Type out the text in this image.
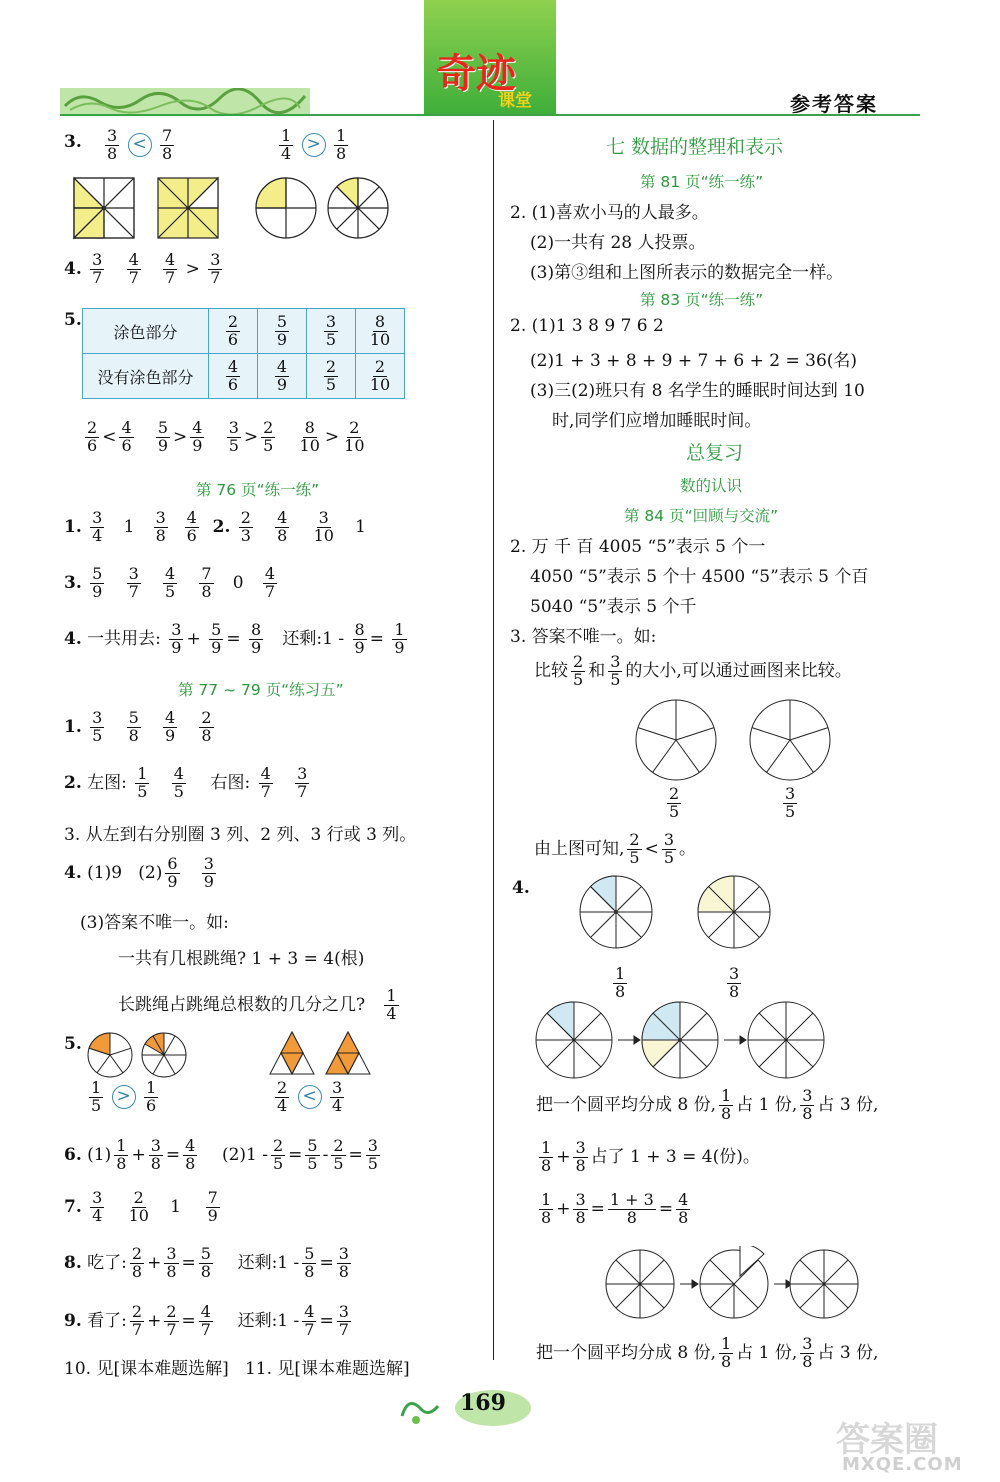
奇迹
课堂	参考答案
3. $\frac{3}{8} < \frac{7}{8}$	$\frac{1}{4} > \frac{1}{8}$
4. $\frac{3}{7}$
$\frac{4}{7}$
$\frac{4}{7} > \frac{3}{7}$
5.
涂色部分	$\frac{2}{6}$	$\frac{5}{9}$	$\frac{3}{5}$	$\frac{8}{10}$

没有涂色部分	$\frac{4}{6}$	$\frac{4}{9}$	$\frac{2}{5}$	$\frac{2}{10}$
$\frac{2}{6} < \frac{4}{6}$
$\frac{5}{9} > \frac{4}{9}$
$\frac{3}{5} > \frac{2}{5}$
$\frac{8}{10} > \frac{2}{10}$
第 76 页“练一练”
1. $\frac{3}{4} 1 \frac{3}{8}$
$\frac{4}{6} 2$. $\frac{2}{3}$
$\frac{4}{8}$
$\frac{3}{10} 1$
3. $\frac{5}{9}$
$\frac{3}{7}$
$\frac{4}{5}$
$\frac{7}{8} 0 \frac{4}{7}$
4. 一共用去: $\frac{3}{9} + \frac{5}{9} = \frac{8}{9}$ 还剩:1 - $\frac{8}{9} = \frac{1}{9}$
第 77 ~ 79 页“练习五”
1. $\frac{3}{5}$
$\frac{5}{8}$
$\frac{4}{9}$
$\frac{2}{8}$
2. 左图: $\frac{1}{5}$
$\frac{4}{5}$ 右图: $\frac{4}{7}$
$\frac{3}{7}$
3. 从左到右分别圈 3 列、2 列、3 行或 3 列。
4. (1)9 $(2) \frac{6}{9}$
$\frac{3}{9}$
(3)答案不唯一。如:
一共有几根跳绳? 1 + 3 = 4(根)
长跳绳占跳绳总根数的几分之几? $\frac{1}{4}$
5.
$\frac{1}{5} > \frac{1}{6}$	$\frac{2}{4} < \frac{3}{4}$
6. $(1) \frac{1}{8} + \frac{3}{8} = \frac{4}{8} (2)1 - \frac{2}{5} = \frac{5}{5} - \frac{2}{5} = \frac{3}{5}$
7. $\frac{3}{4}$
$\frac{2}{10} 1 \frac{7}{9}$
8. 吃了: $\frac{2}{8} + \frac{3}{8} = \frac{5}{8}$ 还剩:1 - $\frac{5}{8} = \frac{3}{8}$
9. 看了: $\frac{2}{7} + \frac{2}{7} = \frac{4}{7}$ 还剩:1 - $\frac{4}{7} = \frac{3}{7}$
10. 见[课本难题选解] 11. 见[课本难题选解]
七 数据的整理和表示
第 81 页“练一练”
2. (1)喜欢小马的人最多。
(2)一共有 28 人投票。
(3)第③组和上图所表示的数据完全一样。
第 83 页“练一练”
2. (1)1 3 8 9 7 6 2
(2)1 + 3 + 8 + 9 + 7 + 6 + 2 = 36(名)
(3)三(2)班只有 8 名学生的睡眠时间达到 10
时,同学们应增加睡眠时间。
总复习
数的认识
第 84 页“回顾与交流”
2. 万 千 百 4005 “5”表示 5 个一
4050 “5”表示 5 个十 4500 “5”表示 5 个百
5040 “5”表示 5 个千
3. 答案不唯一。如:
比较 $\frac{2}{5}$ 和 $\frac{3}{5}$ 的大小,可以通过画图来比较。
$\frac{2}{5}$	$\frac{3}{5}$
由上图可知, $\frac{2}{5} < \frac{3}{5}$ 。
4.
$\frac{1}{8}$	$\frac{3}{8}$
把一个圆平均分成 8 份, $\frac{1}{8}$ 占 1 份, $\frac{3}{8}$ 占 3 份,
$\frac{1}{8} + \frac{3}{8}$ 占了 1 + 3 = 4(份)。
$\frac{1}{8} + \frac{3}{8} = \frac{1 + 3}{8} = \frac{4}{8}$
把一个圆平均分成 8 份, $\frac{1}{8}$ 占 1 份, $\frac{3}{8}$ 占 3 份,
169
答案圈
MXQE.COM
